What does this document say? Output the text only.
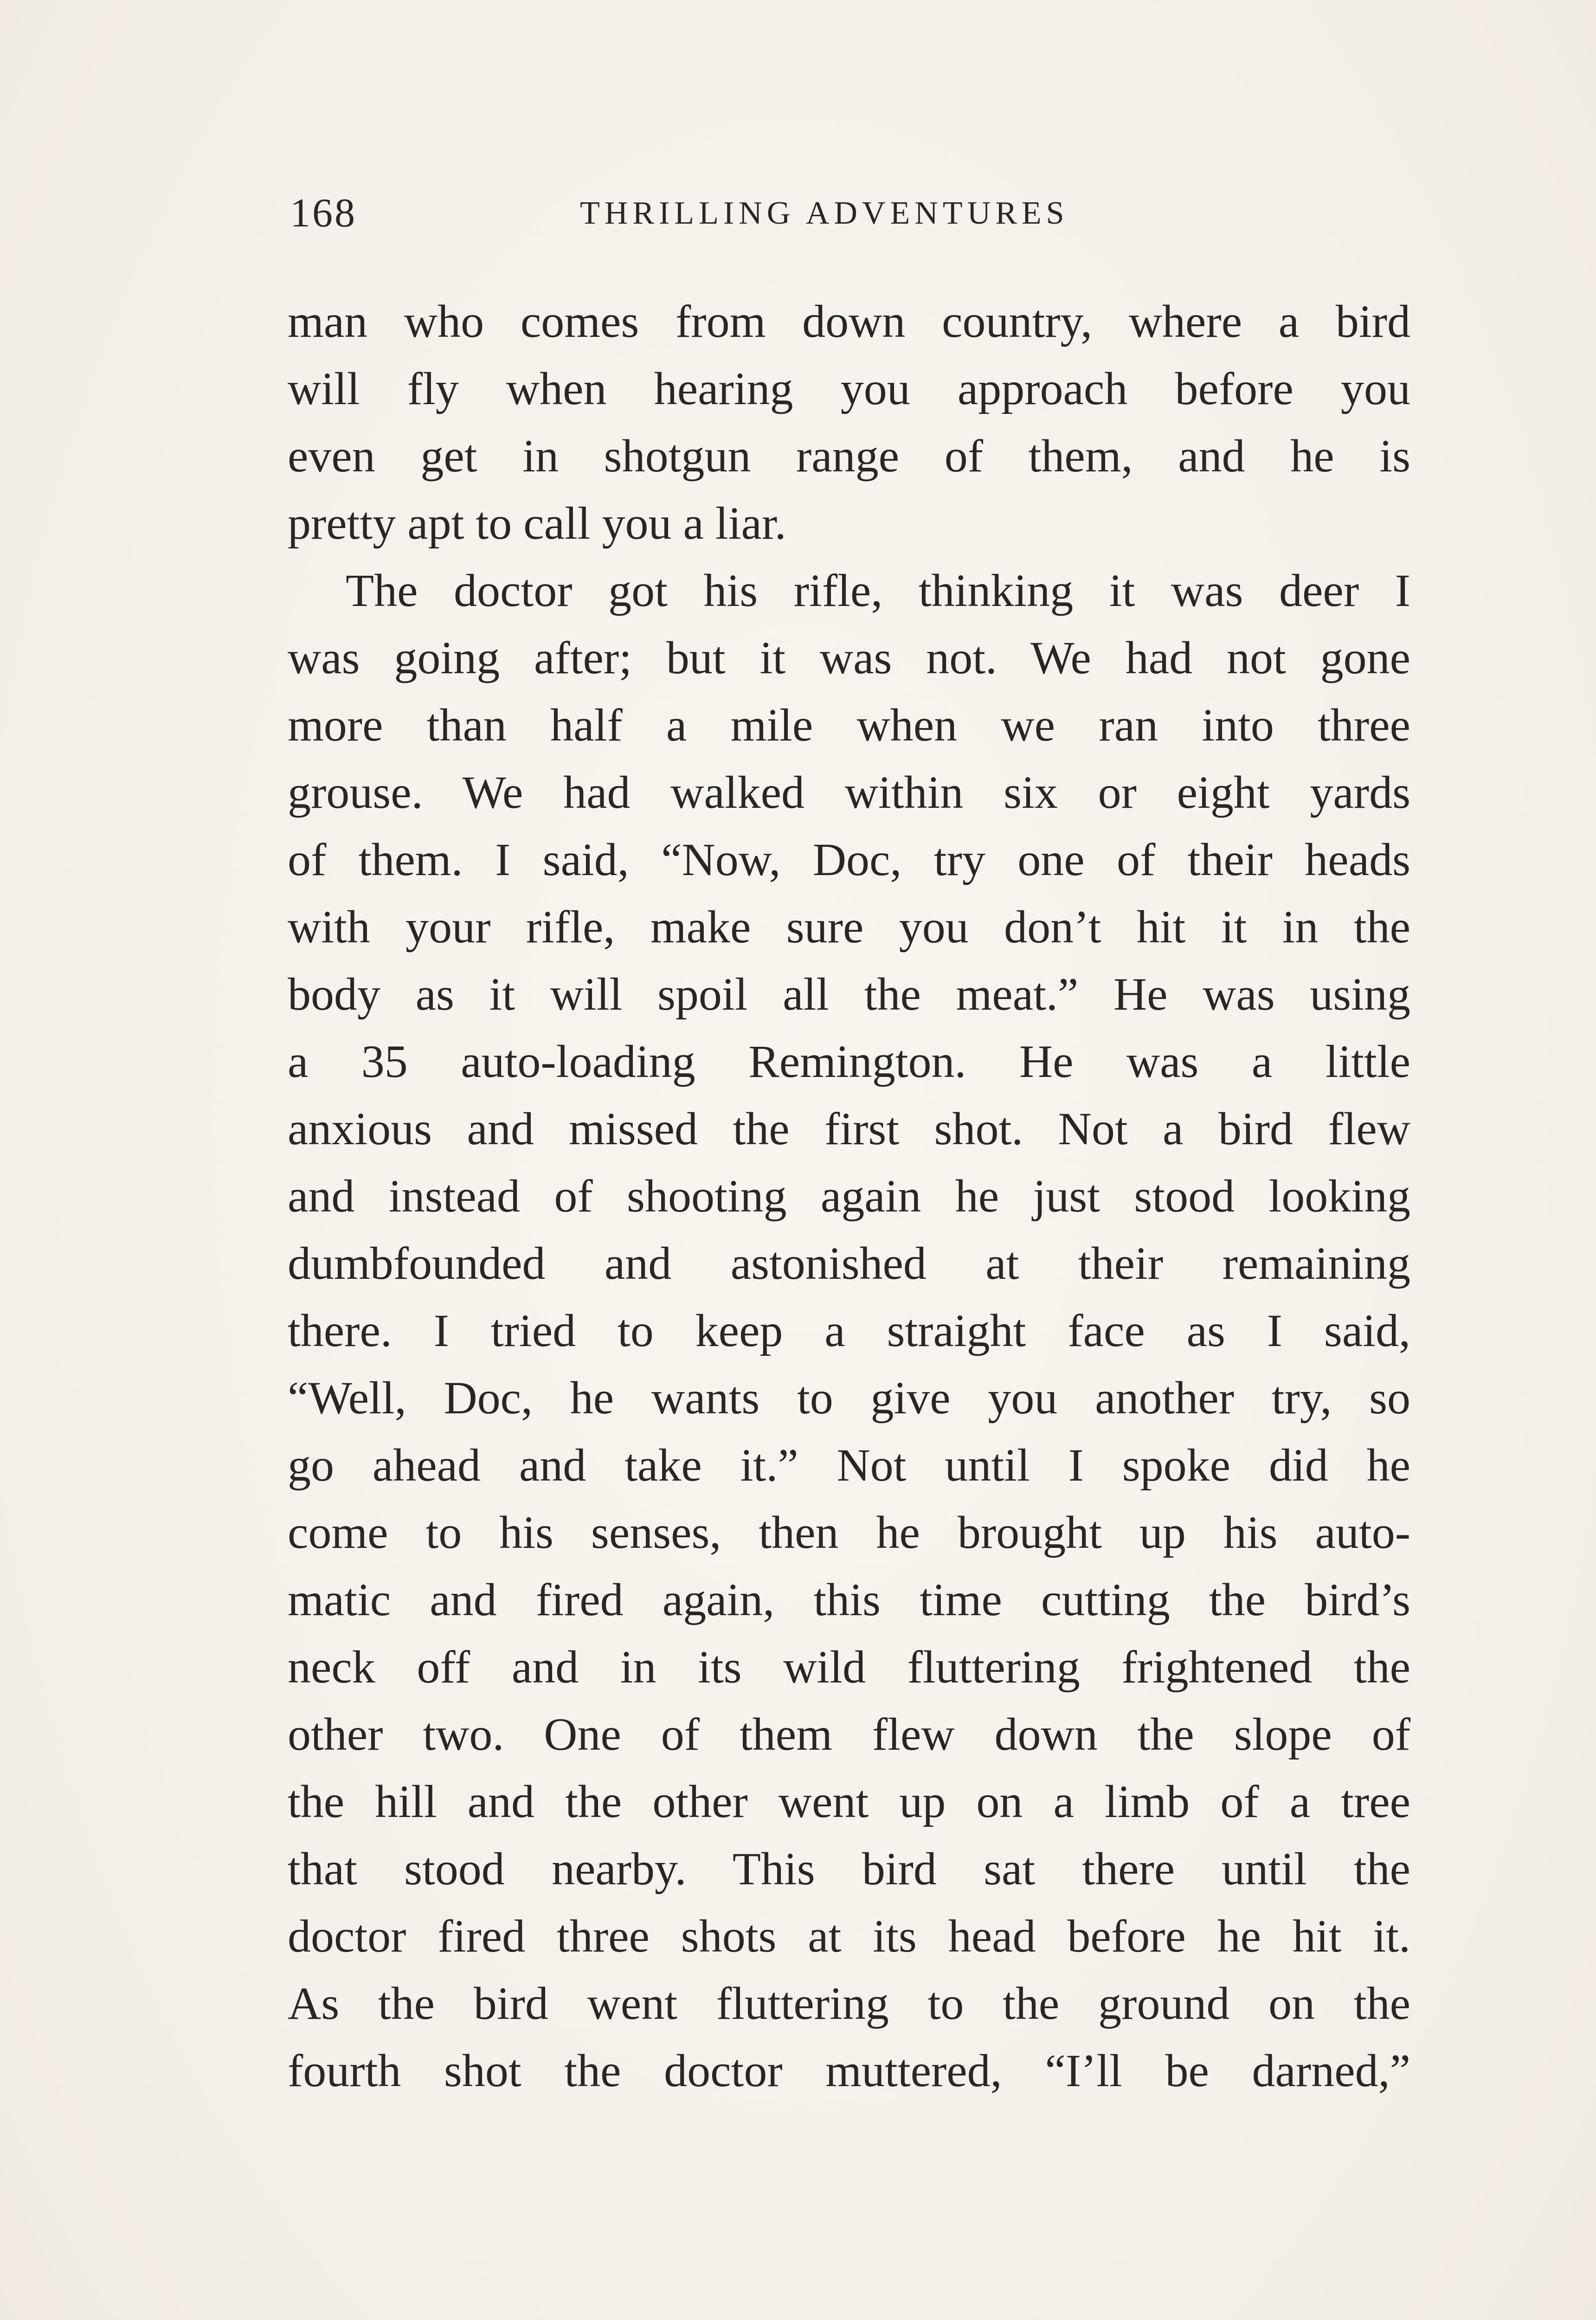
168	THRILLING ADVENTURES
man who comes from down country, where a bird
will fly when hearing you approach before you
even get in shotgun range of them, and he is
pretty apt to call you a liar.
The doctor got his rifle, thinking it was deer I
was going after; but it was not. We had not gone
more than half a mile when we ran into three
grouse. We had walked within six or eight yards
of them. I said, “Now, Doc, try one of their heads
with your rifle, make sure you don’t hit it in the
body as it will spoil all the meat.” He was using
a 35 auto-loading Remington. He was a little
anxious and missed the first shot. Not a bird flew
and instead of shooting again he just stood looking
dumbfounded and astonished at their remaining
there. I tried to keep a straight face as I said,
“Well, Doc, he wants to give you another try, so
go ahead and take it.” Not until I spoke did he
come to his senses, then he brought up his auto-
matic and fired again, this time cutting the bird’s
neck off and in its wild fluttering frightened the
other two. One of them flew down the slope of
the hill and the other went up on a limb of a tree
that stood nearby. This bird sat there until the
doctor fired three shots at its head before he hit it.
As the bird went fluttering to the ground on the
fourth shot the doctor muttered, “I’ll be darned,”
